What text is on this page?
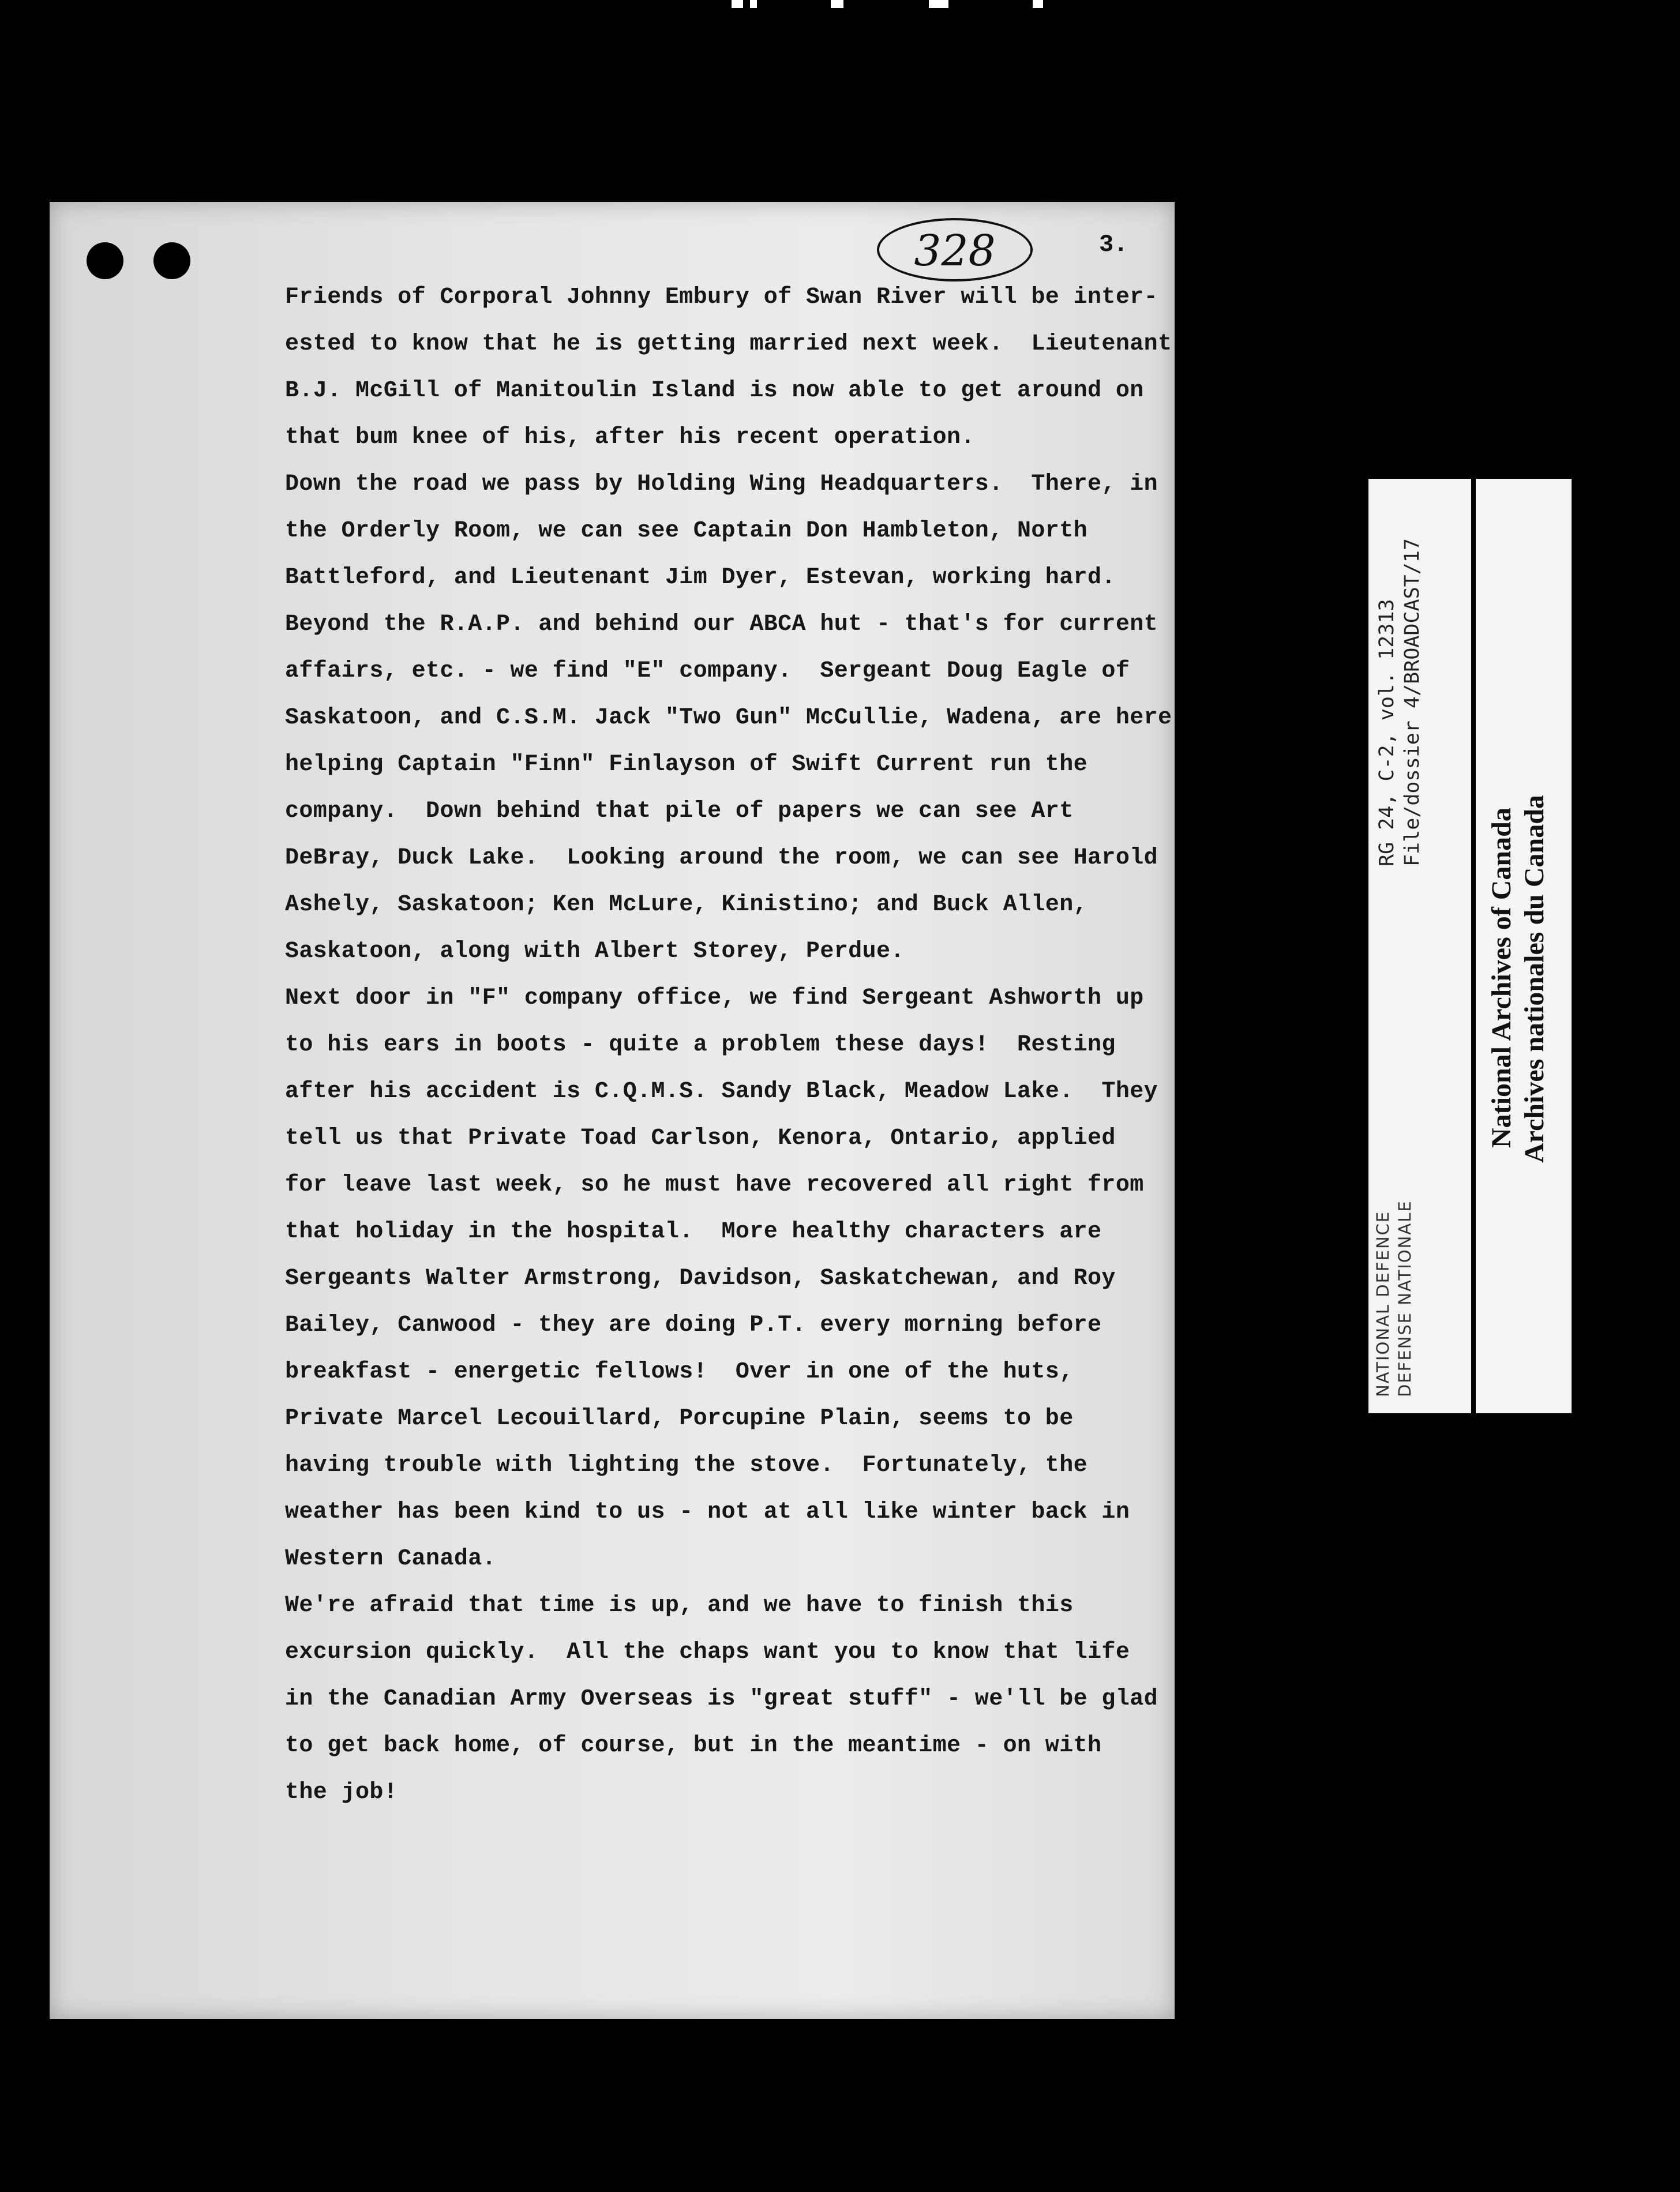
328	3.
Friends of Corporal Johnny Embury of Swan River will be inter-
ested to know that he is getting married next week.  Lieutenant
B.J. McGill of Manitoulin Island is now able to get around on
that bum knee of his, after his recent operation.
Down the road we pass by Holding Wing Headquarters.  There, in
the Orderly Room, we can see Captain Don Hambleton, North
Battleford, and Lieutenant Jim Dyer, Estevan, working hard.
Beyond the R.A.P. and behind our ABCA hut - that's for current
affairs, etc. - we find "E" company.  Sergeant Doug Eagle of
Saskatoon, and C.S.M. Jack "Two Gun" McCullie, Wadena, are here
helping Captain "Finn" Finlayson of Swift Current run the
company.  Down behind that pile of papers we can see Art
DeBray, Duck Lake.  Looking around the room, we can see Harold
Ashely, Saskatoon; Ken McLure, Kinistino; and Buck Allen,
Saskatoon, along with Albert Storey, Perdue.
Next door in "F" company office, we find Sergeant Ashworth up
to his ears in boots - quite a problem these days!  Resting
after his accident is C.Q.M.S. Sandy Black, Meadow Lake.  They
tell us that Private Toad Carlson, Kenora, Ontario, applied
for leave last week, so he must have recovered all right from
that holiday in the hospital.  More healthy characters are
Sergeants Walter Armstrong, Davidson, Saskatchewan, and Roy
Bailey, Canwood - they are doing P.T. every morning before
breakfast - energetic fellows!  Over in one of the huts,
Private Marcel Lecouillard, Porcupine Plain, seems to be
having trouble with lighting the stove.  Fortunately, the
weather has been kind to us - not at all like winter back in
Western Canada.
We're afraid that time is up, and we have to finish this
excursion quickly.  All the chaps want you to know that life
in the Canadian Army Overseas is "great stuff" - we'll be glad
to get back home, of course, but in the meantime - on with
the job!
RG 24, C-2, vol. 12313 File/dossier 4/BROADCAST/17
NATIONAL DEFENCE DEFENSE NATIONALE
National Archives of Canada Archives nationales du Canada
